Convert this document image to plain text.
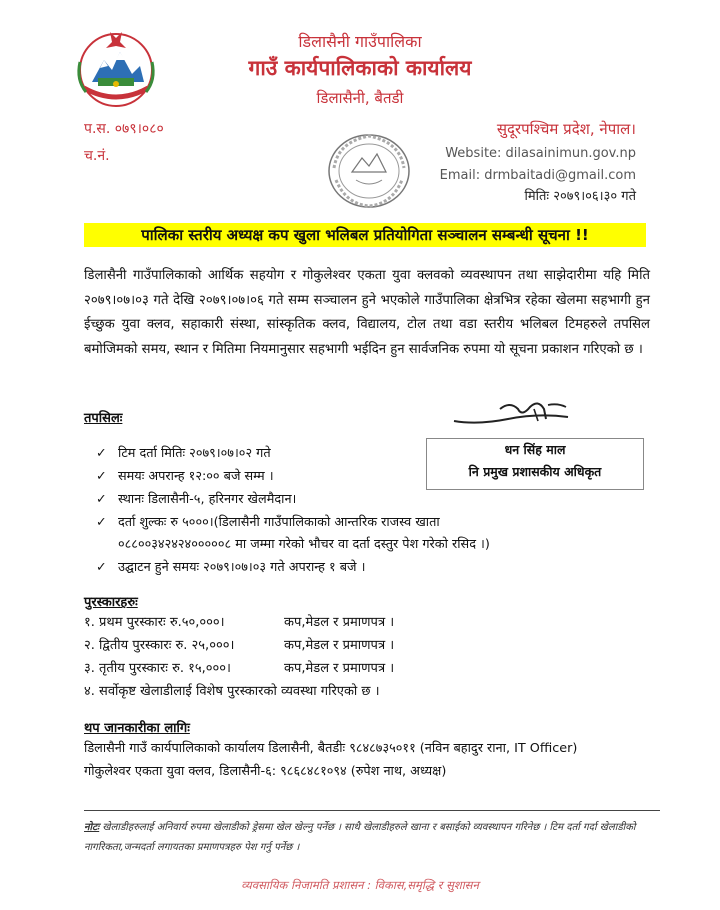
डिलासैनी गाउँपालिका
गाउँ कार्यपालिकाको कार्यालय
डिलासैनी, बैतडी
प.स. ०७९।०८०
च.नं.
सुदूरपश्चिम प्रदेश, नेपाल।
Website: dilasainimun.gov.np
Email: drmbaitadi@gmail.com
मितिः २०७९।०६।३० गते
पालिका स्तरीय अध्यक्ष कप खुला भलिबल प्रतियोगिता सञ्चालन सम्बन्धी सूचना !!
डिलासैनी गाउँपालिकाको आर्थिक सहयोग र गोकुलेश्वर एकता युवा क्लवको व्यवस्थापन तथा साझेदारीमा यहि मिति २०७९।०७।०३ गते देखि २०७९।०७।०६ गते सम्म सञ्चालन हुने भएकोले गाउँपालिका क्षेत्रभित्र रहेका खेलमा सहभागी हुन ईच्छुक युवा क्लव, सहाकारी संस्था, सांस्कृतिक क्लव, विद्यालय, टोल तथा वडा स्तरीय भलिबल टिमहरुले तपसिल बमोजिमको समय, स्थान र मितिमा नियमानुसार सहभागी भईदिन हुन सार्वजनिक रुपमा यो सूचना प्रकाशन गरिएको छ ।
तपसिलः
धन सिंह माल
नि प्रमुख प्रशासकीय अधिकृत
✓ टिम दर्ता मितिः २०७९।०७।०२ गते
✓ समयः अपरान्ह १२:०० बजे सम्म ।
✓ स्थानः डिलासैनी-५, हरिनगर खेलमैदान।
✓ दर्ता शुल्कः रु ५०००।(डिलासैनी गाउँपालिकाको आन्तरिक राजस्व खाता
०८८००३४२४२४०००००८ मा जम्मा गरेको भौचर वा दर्ता दस्तुर पेश गरेको रसिद ।)
✓ उद्घाटन हुने समयः २०७९।०७।०३ गते अपरान्ह १ बजे ।
पुरस्कारहरुः
१. प्रथम पुरस्कारः रु.५०,०००।	कप,मेडल र प्रमाणपत्र ।
२. द्वितीय पुरस्कारः रु. २५,०००।	कप,मेडल र प्रमाणपत्र ।
३. तृतीय पुरस्कारः रु. १५,०००।	कप,मेडल र प्रमाणपत्र ।
४. सर्वोकृष्ट खेलाडीलाई विशेष पुरस्कारको व्यवस्था गरिएको छ ।
थप जानकारीका लागिः
डिलासैनी गाउँ कार्यपालिकाको कार्यालय डिलासैनी, बैतडीः ९८४८७३५०११ (नविन बहादुर राना, IT Officer)
गोकुलेश्वर एकता युवा क्लव, डिलासैनी-६: ९८६८४८१०९४ (रुपेश नाथ, अध्यक्ष)
नोटः खेलाडीहरुलाई अनिवार्य रुपमा खेलाडीको ड्रेसमा खेल खेल्नु पर्नेछ । साथै खेलाडीहरुले खाना र बसाईको व्यवस्थापन गरिनेछ । टिम दर्ता गर्दा खेलाडीको नागरिकता,जन्मदर्ता लगायतका प्रमाणपत्रहरु पेश गर्नु पर्नेछ ।
व्यवसायिक निजामति प्रशासन : विकास,समृद्धि र सुशासन
